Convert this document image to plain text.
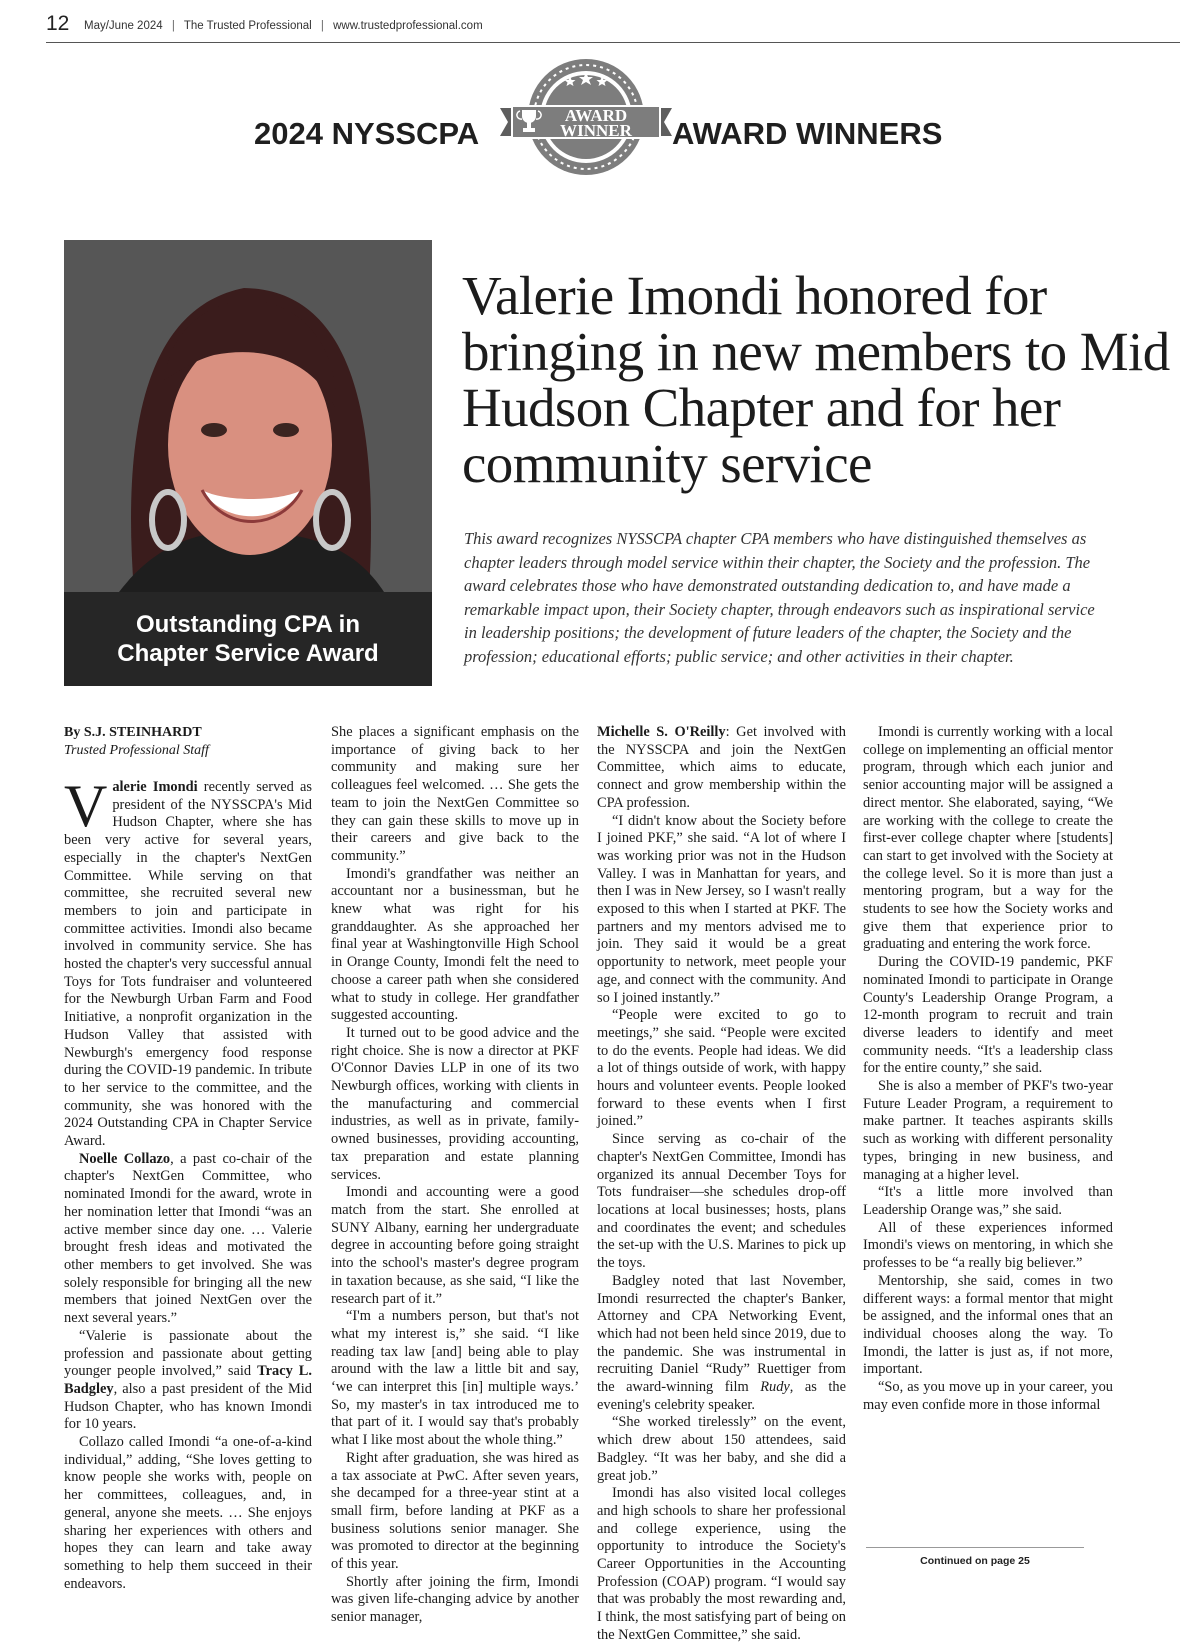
12 May/June 2024 | The Trusted Professional | www.trustedprofessional.com
2024 NYSSCPA
AWARD
WINNER AWARD WINNERS
Outstanding CPA in
Chapter Service Award
Valerie Imondi honored for bringing in new members to Mid Hudson Chapter and for her community service

This award recognizes NYSSCPA chapter CPA members who have distinguished themselves as chapter leaders through model service within their chapter, the Society and the profession. The award celebrates those who have demonstrated outstanding dedication to, and have made a remarkable impact upon, their Society chapter, through endeavors such as inspirational service in leadership positions; the development of future leaders of the chapter, the Society and the profession; educational efforts; public service; and other activities in their chapter.

By S.J. STEINHARDT
Trusted Professional Staff

Valerie Imondi recently served as president of the NYSSCPA's Mid Hudson Chapter, where she has been very active for several years, especially in the chapter's NextGen Committee. While serving on that committee, she recruited several new members to join and participate in committee activities. Imondi also became involved in community service. She has hosted the chapter's very successful annual Toys for Tots fundraiser and volunteered for the Newburgh Urban Farm and Food Initiative, a nonprofit organization in the Hudson Valley that assisted with Newburgh's emergency food response during the COVID-19 pandemic. In tribute to her service to the committee, and the community, she was honored with the 2024 Outstanding CPA in Chapter Service Award.

Noelle Collazo, a past co-chair of the chapter's NextGen Committee, who nominated Imondi for the award, wrote in her nomination letter that Imondi “was an active member since day one. … Valerie brought fresh ideas and motivated the other members to get involved. She was solely responsible for bringing all the new members that joined NextGen over the next several years.”

“Valerie is passionate about the profession and passionate about getting younger people involved,” said Tracy L. Badgley, also a past president of the Mid Hudson Chapter, who has known Imondi for 10 years.

Collazo called Imondi “a one-of-a-kind individual,” adding, “She loves getting to know people she works with, people on her committees, colleagues, and, in general, anyone she meets. … She enjoys sharing her experiences with others and hopes they can learn and take away something to help them succeed in their endeavors.

She places a significant emphasis on the importance of giving back to her community and making sure her colleagues feel welcomed. … She gets the team to join the NextGen Committee so they can gain these skills to move up in their careers and give back to the community.”

Imondi's grandfather was neither an accountant nor a businessman, but he knew what was right for his granddaughter. As she approached her final year at Washingtonville High School in Orange County, Imondi felt the need to choose a career path when she considered what to study in college. Her grandfather suggested accounting.

It turned out to be good advice and the right choice. She is now a director at PKF O'Connor Davies LLP in one of its two Newburgh offices, working with clients in the manufacturing and commercial industries, as well as in private, family-owned businesses, providing accounting, tax preparation and estate planning services.

Imondi and accounting were a good match from the start. She enrolled at SUNY Albany, earning her undergraduate degree in accounting before going straight into the school's master's degree program in taxation because, as she said, “I like the research part of it.”

“I'm a numbers person, but that's not what my interest is,” she said. “I like reading tax law [and] being able to play around with the law a little bit and say, ‘we can interpret this [in] multiple ways.’ So, my master's in tax introduced me to that part of it. I would say that's probably what I like most about the whole thing.”

Right after graduation, she was hired as a tax associate at PwC. After seven years, she decamped for a three-year stint at a small firm, before landing at PKF as a business solutions senior manager. She was promoted to director at the beginning of this year.

Shortly after joining the firm, Imondi was given life-changing advice by another senior manager,

Michelle S. O'Reilly: Get involved with the NYSSCPA and join the NextGen Committee, which aims to educate, connect and grow membership within the CPA profession.

“I didn't know about the Society before I joined PKF,” she said. “A lot of where I was working prior was not in the Hudson Valley. I was in Manhattan for years, and then I was in New Jersey, so I wasn't really exposed to this when I started at PKF. The partners and my mentors advised me to join. They said it would be a great opportunity to network, meet people your age, and connect with the community. And so I joined instantly.”

“People were excited to go to meetings,” she said. “People were excited to do the events. People had ideas. We did a lot of things outside of work, with happy hours and volunteer events. People looked forward to these events when I first joined.”

Since serving as co-chair of the chapter's NextGen Committee, Imondi has organized its annual December Toys for Tots fundraiser—she schedules drop-off locations at local businesses; hosts, plans and coordinates the event; and schedules the set-up with the U.S. Marines to pick up the toys.

Badgley noted that last November, Imondi resurrected the chapter's Banker, Attorney and CPA Networking Event, which had not been held since 2019, due to the pandemic. She was instrumental in recruiting Daniel “Rudy” Ruettiger from the award-winning film Rudy, as the evening's celebrity speaker.

“She worked tirelessly” on the event, which drew about 150 attendees, said Badgley. “It was her baby, and she did a great job.”

Imondi has also visited local colleges and high schools to share her professional and college experience, using the opportunity to introduce the Society's Career Opportunities in the Accounting Profession (COAP) program. “I would say that was probably the most rewarding and, I think, the most satisfying part of being on the NextGen Committee,” she said.

Imondi is currently working with a local college on implementing an official mentor program, through which each junior and senior accounting major will be assigned a direct mentor. She elaborated, saying, “We are working with the college to create the first-ever college chapter where [students] can start to get involved with the Society at the college level. So it is more than just a mentoring program, but a way for the students to see how the Society works and give them that experience prior to graduating and entering the work force.

During the COVID-19 pandemic, PKF nominated Imondi to participate in Orange County's Leadership Orange Program, a 12-month program to recruit and train diverse leaders to identify and meet community needs. “It's a leadership class for the entire county,” she said.

She is also a member of PKF's two-year Future Leader Program, a requirement to make partner. It teaches aspirants skills such as working with different personality types, bringing in new business, and managing at a higher level.

“It's a little more involved than Leadership Orange was,” she said.

All of these experiences informed Imondi's views on mentoring, in which she professes to be “a really big believer.”

Mentorship, she said, comes in two different ways: a formal mentor that might be assigned, and the informal ones that an individual chooses along the way. To Imondi, the latter is just as, if not more, important.

“So, as you move up in your career, you may even confide more in those informal

Continued on page 25
